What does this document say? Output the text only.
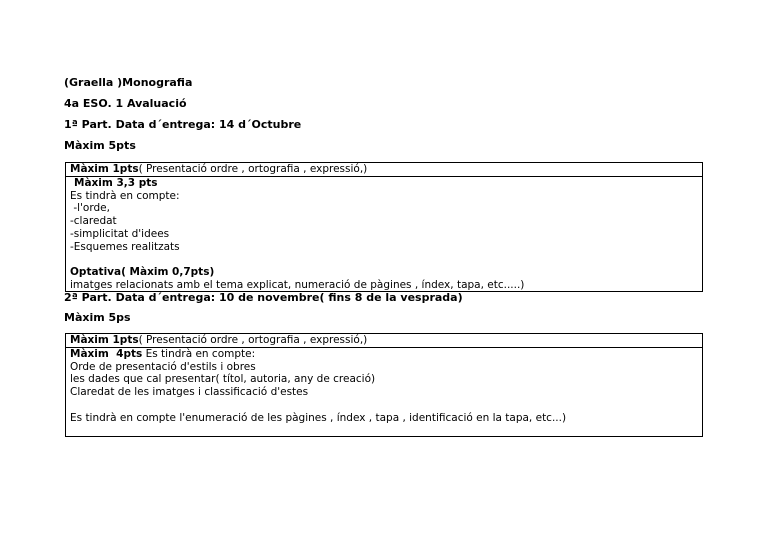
(Graella )Monografia
4a ESO. 1 Avaluació
1ª Part. Data d´entrega: 14 d´Octubre
Màxim 5pts
Màxim 1pts( Presentació ordre , ortografia , expressió,)
Màxim 3,3 pts
Es tindrà en compte:
-l'orde,
-claredat
-simplicitat d'idees
-Esquemes realitzats
Optativa( Màxim 0,7pts)
imatges relacionats amb el tema explicat, numeració de pàgines , índex, tapa, etc.....)
2ª Part. Data d´entrega: 10 de novembre( fins 8 de la vesprada)
Màxim 5ps
Màxim 1pts( Presentació ordre , ortografia , expressió,)
Màxim  4pts Es tindrà en compte:
Orde de presentació d'estils i obres
les dades que cal presentar( títol, autoria, any de creació)
Claredat de les imatges i classificació d'estes
Es tindrà en compte l'enumeració de les pàgines , índex , tapa , identificació en la tapa, etc...)
